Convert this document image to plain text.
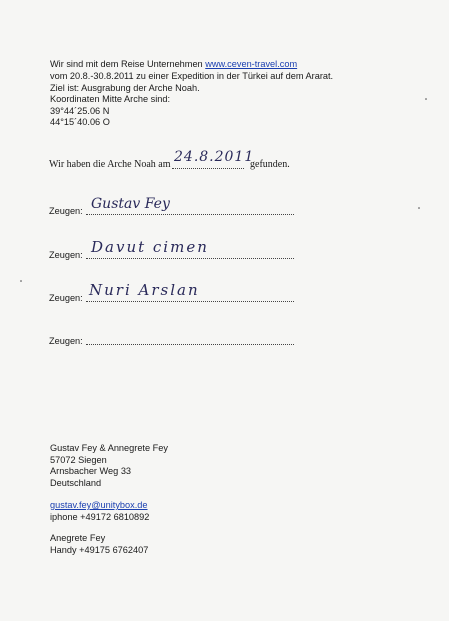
Wir sind mit dem Reise Unternehmen www.ceven-travel.com
vom 20.8.-30.8.2011 zu einer Expedition in der Türkei auf dem Ararat.
Ziel ist: Ausgrabung der Arche Noah.
Koordinaten Mitte Arche sind:
39°44´25.06 N
44°15´40.06 O
Wir haben die Arche Noah am 24.8.2011
gefunden.
Zeugen: Gustav Fey
Zeugen: Davut cimen
Zeugen: Nuri Arslan
Zeugen:
Gustav Fey & Annegrete Fey
57072 Siegen
Arnsbacher Weg 33
Deutschland
gustav.fey@unitybox.de
iphone +49172 6810892
Anegrete Fey
Handy +49175 6762407
